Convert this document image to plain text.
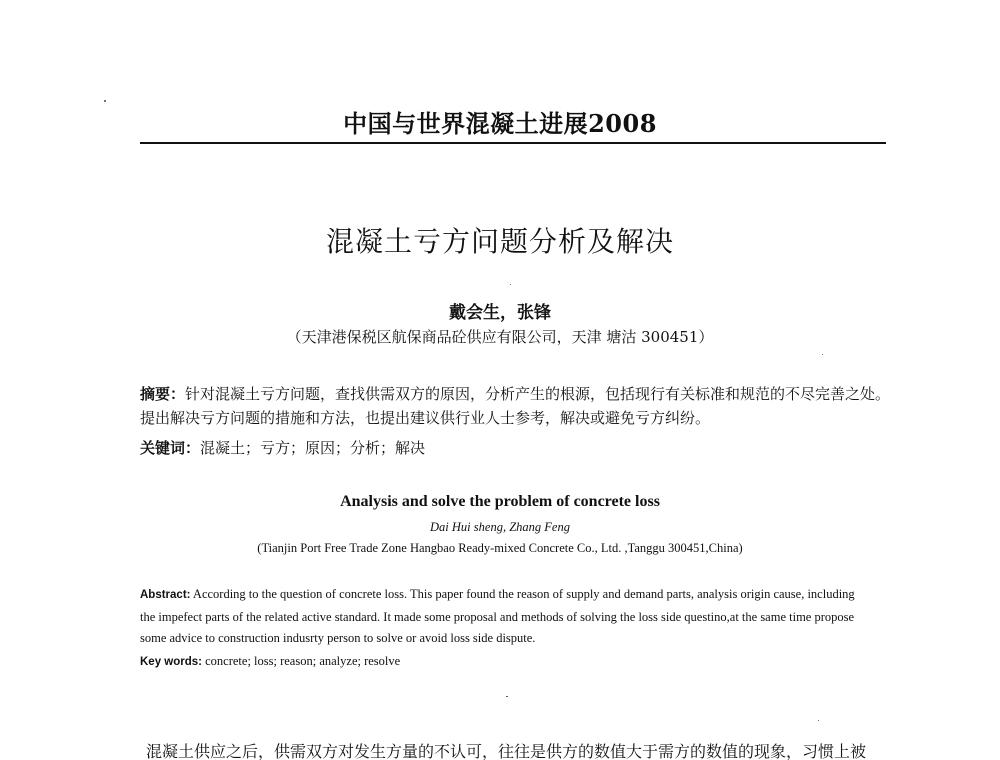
中国与世界混凝土进展2008
混凝土亏方问题分析及解决
戴会生，张锋
（天津港保税区航保商品砼供应有限公司，天津 塘沽 300451）
摘要：针对混凝土亏方问题，查找供需双方的原因，分析产生的根源，包括现行有关标准和规范的不尽完善之处。提出解决亏方问题的措施和方法，也提出建议供行业人士参考，解决或避免亏方纠纷。
关键词：混凝土；亏方；原因；分析；解决
Analysis and solve the problem of concrete loss
Dai Hui sheng, Zhang Feng
(Tianjin Port Free Trade Zone Hangbao Ready-mixed Concrete Co., Ltd. ,Tanggu 300451,China)
Abstract: According to the question of concrete loss. This paper found the reason of supply and demand parts, analysis origin cause, including the impefect parts of the related active standard. It made some proposal and methods of solving the loss side questino,at the same time propose some advice to construction indusrty person to solve or avoid loss side dispute.
Key words: concrete; loss; reason; analyze; resolve
混凝土供应之后，供需双方对发生方量的不认可，往往是供方的数值大于需方的数值的现象，习惯上被
